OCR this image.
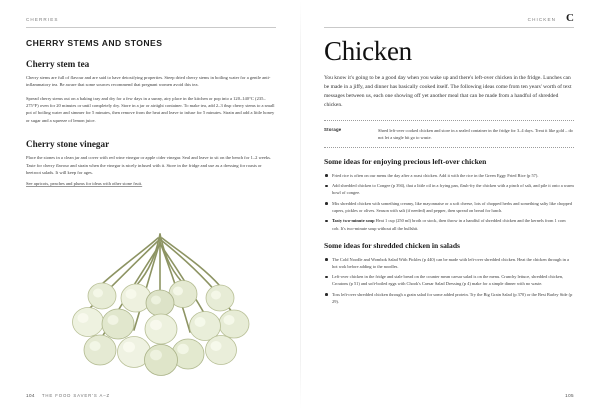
CHERRIES
CHERRY STEMS AND STONES
Cherry stem tea

Cherry stems are full of flavour and are said to have detoxifying properties. Steep dried cherry stems in boiling water for a gentle anti-inflammatory tea. Be aware that some sources recommend that pregnant women avoid this tea.

Spread cherry stems out on a baking tray and dry for a few days in a sunny, airy place in the kitchen or pop into a 120–140°C (235–275°F) oven for 20 minutes or until completely dry. Store in a jar or airtight container. To make tea, add 2–3 tbsp cherry stems to a small pot of boiling water and simmer for 5 minutes, then remove from the heat and leave to infuse for 5 minutes. Strain and add a little honey or sugar and a squeeze of lemon juice.

Cherry stone vinegar

Place the stones in a clean jar and cover with red wine vinegar or apple cider vinegar. Seal and leave to sit on the bench for 1–2 weeks. Taste for cherry flavour and strain when the vinegar is nicely infused with it. Store in the fridge and use as a dressing for roasts or beetroot salads. It will keep for ages.

See apricots, peaches and plums for ideas with other stone fruit.

104 THE FOOD SAVER'S A–Z
CHICKEN C
Chicken

You know it's going to be a good day when you wake up and there's left-over chicken in the fridge. Lunches can be made in a jiffy, and dinner has basically cooked itself. The following ideas come from ten years' worth of text messages between us, each one showing off yet another meal that can be made from a handful of shredded chicken.

Storage	Shred left-over cooked chicken and store in a sealed container in the fridge for 3–4 days. Treat it like gold – do not let a single bit go to waste.
Some ideas for enjoying precious left-over chicken
Fried rice is often on our menu the day after a roast chicken. Add it with the rice in the Green Eggy Fried Rice (p 57).
Add shredded chicken to Congee (p 394), that a little oil in a frying pan, flash-fry the chicken with a pinch of salt, and pile it onto a warm bowl of congee.
Mix shredded chicken with something creamy, like mayonnaise or a soft cheese, lots of chopped herbs and something salty like chopped capers, pickles or olives. Season with salt (if needed) and pepper, then spread on bread for lunch.
Tasty two-minute soup Heat 1 cup (250 ml) broth or stock, then throw in a handful of shredded chicken and the kernels from 1 corn cob. It's two-minute soup without all the bullshit.
Some ideas for shredded chicken in salads
The Cold Noodle and Wombok Salad With Pickles (p 440) can be made with left-over shredded chicken. Heat the chicken through in a hot wok before adding to the noodles.
Left-over chicken in the fridge and stale bread on the counter mean caesar salad is on the menu. Crunchy lettuce, shredded chicken, Croutons (p 51) and soft-boiled eggs with Chook's Caesar Salad Dressing (p 4) make for a simple dinner with no waste.
Toss left-over shredded chicken through a grain salad for some added protein. Try the Big Grain Salad (p 370) or the Best Barley Side (p 29).
105
